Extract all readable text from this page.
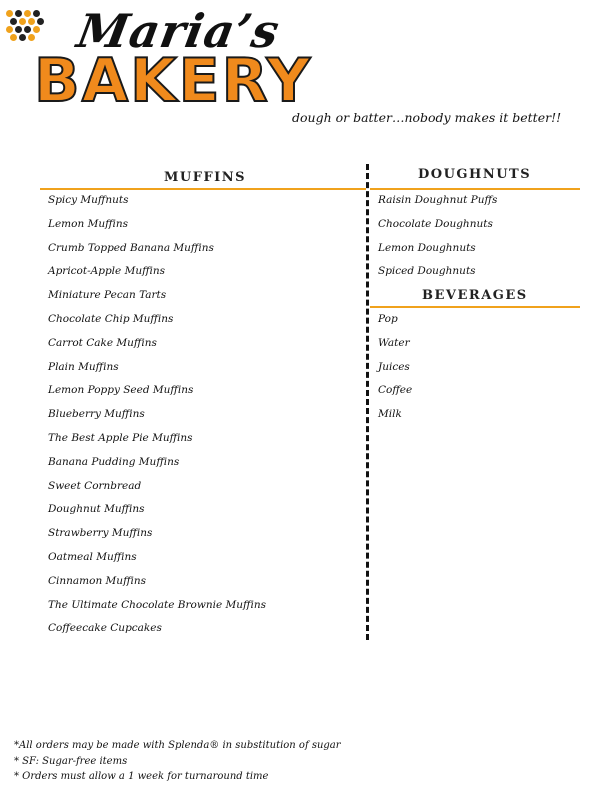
Maria’s
BAKERY
dough or batter…nobody makes it better!!
MUFFINS
Spicy Muffnuts
Lemon Muffins
Crumb Topped Banana Muffins
Apricot-Apple Muffins
Miniature Pecan Tarts
Chocolate Chip Muffins
Carrot Cake Muffins
Plain Muffins
Lemon Poppy Seed Muffins
Blueberry Muffins
The Best Apple Pie Muffins
Banana Pudding Muffins
Sweet Cornbread
Doughnut Muffins
Strawberry Muffins
Oatmeal Muffins
Cinnamon Muffins
The Ultimate Chocolate Brownie Muffins
Coffeecake Cupcakes
DOUGHNUTS
Raisin Doughnut Puffs
Chocolate Doughnuts
Lemon Doughnuts
Spiced Doughnuts
BEVERAGES
Pop
Water
Juices
Coffee
Milk
*All orders may be made with Splenda® in substitution of sugar
* SF: Sugar-free items
* Orders must allow a 1 week for turnaround time
